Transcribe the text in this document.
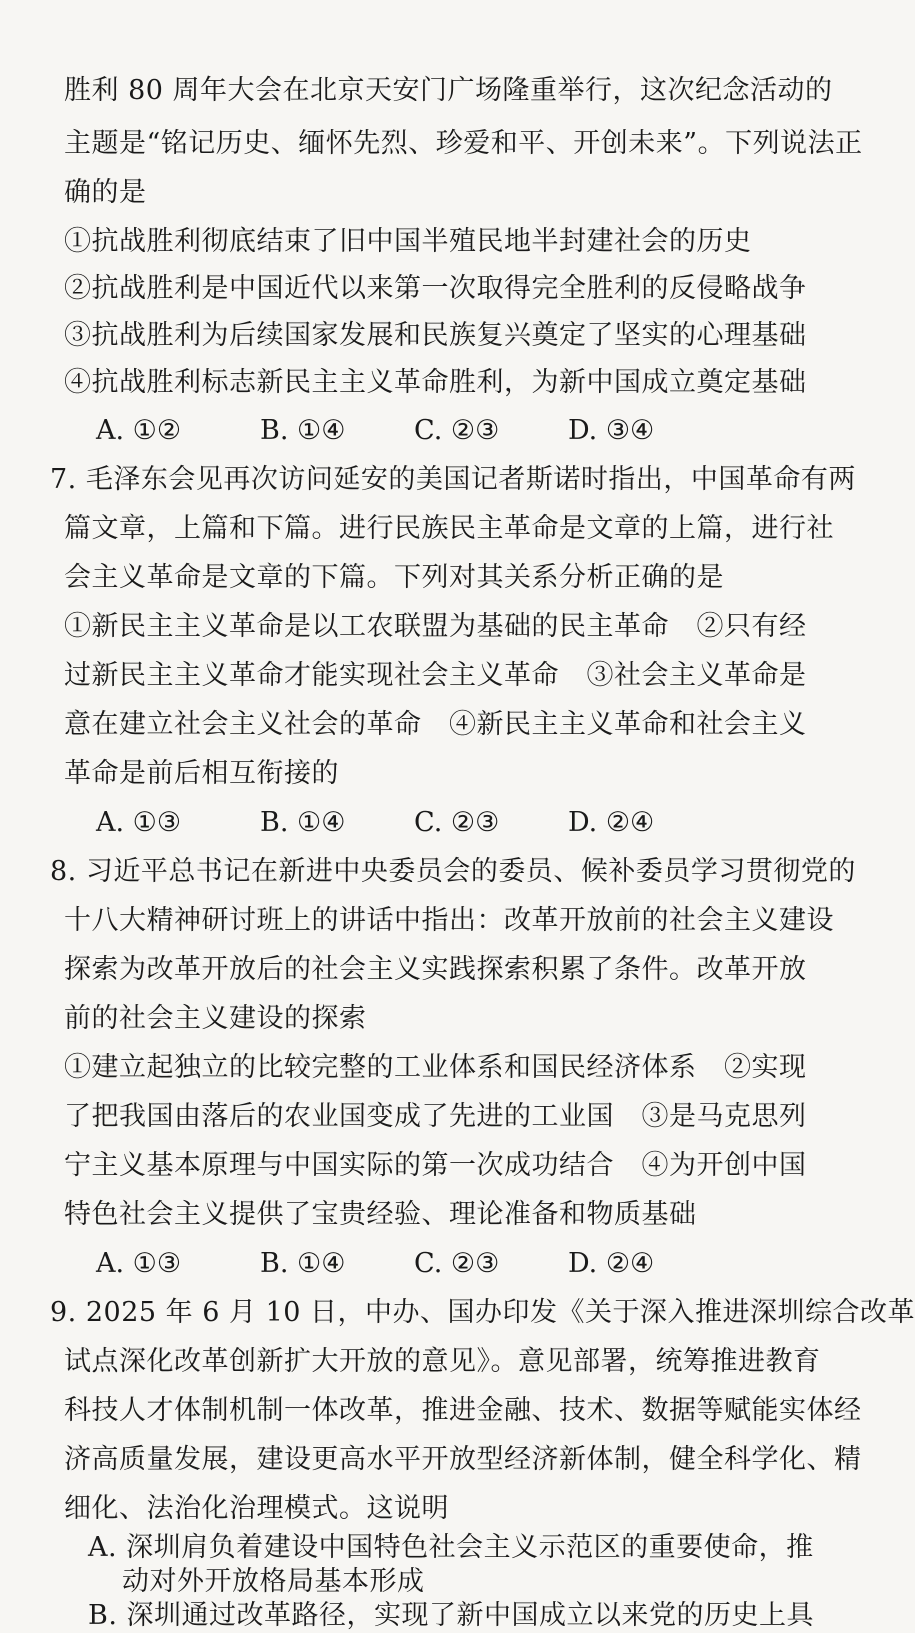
胜利 80 周年大会在北京天安门广场隆重举行，这次纪念活动的
主题是“铭记历史、缅怀先烈、珍爱和平、开创未来”。下列说法正
确的是
①抗战胜利彻底结束了旧中国半殖民地半封建社会的历史
②抗战胜利是中国近代以来第一次取得完全胜利的反侵略战争
③抗战胜利为后续国家发展和民族复兴奠定了坚实的心理基础
④抗战胜利标志新民主主义革命胜利，为新中国成立奠定基础
A. ①②	B. ①④	C. ②③	D. ③④
7. 毛泽东会见再次访问延安的美国记者斯诺时指出，中国革命有两
篇文章，上篇和下篇。进行民族民主革命是文章的上篇，进行社
会主义革命是文章的下篇。下列对其关系分析正确的是
①新民主主义革命是以工农联盟为基础的民主革命　②只有经
过新民主主义革命才能实现社会主义革命　③社会主义革命是
意在建立社会主义社会的革命　④新民主主义革命和社会主义
革命是前后相互衔接的
A. ①③	B. ①④	C. ②③	D. ②④
8. 习近平总书记在新进中央委员会的委员、候补委员学习贯彻党的
十八大精神研讨班上的讲话中指出：改革开放前的社会主义建设
探索为改革开放后的社会主义实践探索积累了条件。改革开放
前的社会主义建设的探索
①建立起独立的比较完整的工业体系和国民经济体系　②实现
了把我国由落后的农业国变成了先进的工业国　③是马克思列
宁主义基本原理与中国实际的第一次成功结合　④为开创中国
特色社会主义提供了宝贵经验、理论准备和物质基础
A. ①③	B. ①④	C. ②③	D. ②④
9. 2025 年 6 月 10 日，中办、国办印发《关于深入推进深圳综合改革
试点深化改革创新扩大开放的意见》。意见部署，统筹推进教育
科技人才体制机制一体改革，推进金融、技术、数据等赋能实体经
济高质量发展，建设更高水平开放型经济新体制，健全科学化、精
细化、法治化治理模式。这说明
A. 深圳肩负着建设中国特色社会主义示范区的重要使命，推
动对外开放格局基本形成
B. 深圳通过改革路径，实现了新中国成立以来党的历史上具
